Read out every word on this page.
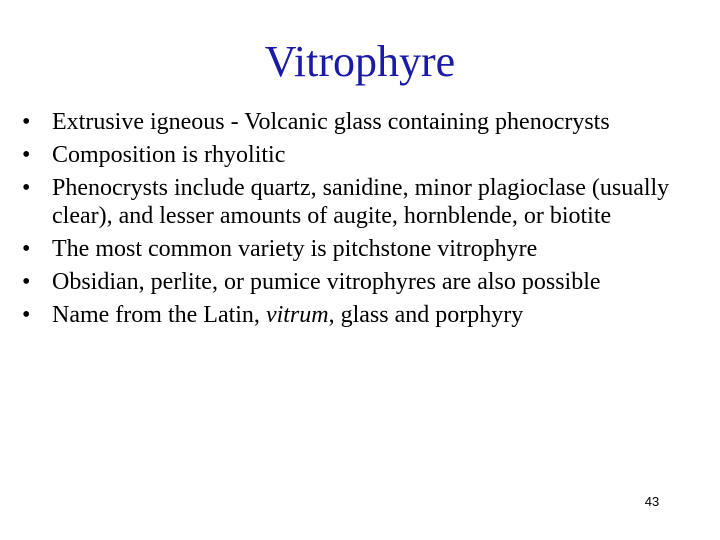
Vitrophyre
• Extrusive igneous - Volcanic glass containing phenocrysts
• Composition is rhyolitic
• Phenocrysts include quartz, sanidine, minor plagioclase (usually clear), and lesser amounts of augite, hornblende, or biotite
• The most common variety is pitchstone vitrophyre
• Obsidian, perlite, or pumice vitrophyres are also possible
• Name from the Latin, vitrum, glass and porphyry
43
